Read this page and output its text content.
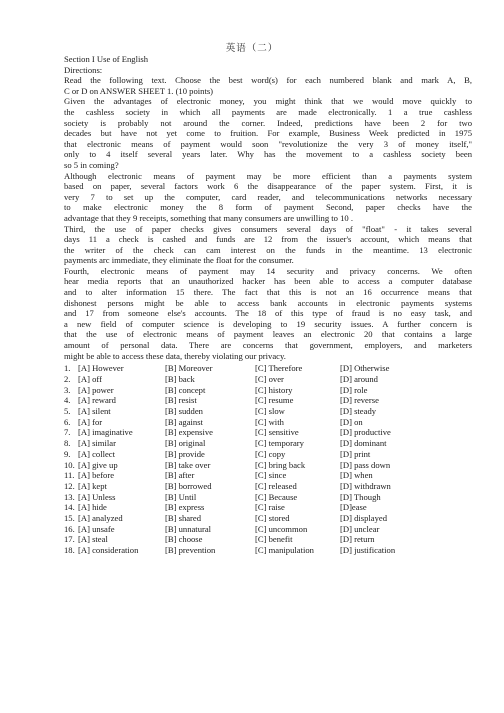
英语（二）
Section I Use of English
Directions:
Read the following text. Choose the best word(s) for each numbered blank and mark A, B,
C or D on ANSWER SHEET 1. (10 points)
Given the advantages of electronic money, you might think that we would move quickly to
the cashless society in which all payments are made electronically. 1 a true cashless
society is probably not around the corner. Indeed, predictions have been 2 for two
decades but have not yet come to fruition. For example, Business Week predicted in 1975
that electronic means of payment would soon "revolutionize the very 3 of money itself,"
only to 4 itself several years later. Why has the movement to a cashless society been
so 5 in coming?
Although electronic means of payment may be more efficient than a payments system
based on paper, several factors work 6 the disappearance of the paper system. First, it is
very 7 to set up the computer, card reader, and telecommunications networks necessary
to make electronic money the 8 form of payment Second, paper checks have the
advantage that they 9 receipts, something that many consumers are unwilling to 10 .
Third, the use of paper checks gives consumers several days of "float" - it takes several
days 11 a check is cashed and funds are 12 from the issuer's account, which means that
the writer of the check can cam interest on the funds in the meantime. 13 electronic
payments arc immediate, they eliminate the float for the consumer.
Fourth, electronic means of payment may 14 security and privacy concerns. We often
hear media reports that an unauthorized hacker has been able to access a computer database
and to alter information 15 there. The fact that this is not an 16 occurrence means that
dishonest persons might be able to access bank accounts in electronic payments systems
and 17 from someone else's accounts. The 18 of this type of fraud is no easy task, and
a new field of computer science is developing to 19 security issues. A further concern is
that the use of electronic means of payment leaves an electronic 20 that contains a large
amount of personal data. There are concerns that government, employers, and marketers
might be able to access these data, thereby violating our privacy.
1. [A] However	[B] Moreover	[C] Therefore	[D] Otherwise
2. [A] off	[B] back	[C] over	[D] around
3. [A] power	[B] concept	[C] history	[D] role
4. [A] reward	[B] resist	[C] resume	[D] reverse
5. [A] silent	[B] sudden	[C] slow	[D] steady
6. [A] for	[B] against	[C] with	[D] on
7. [A] imaginative	[B] expensive	[C] sensitive	[D] productive
8. [A] similar	[B] original	[C] temporary	[D] dominant
9. [A] collect	[B] provide	[C] copy	[D] print
10. [A] give up	[B] take over	[C] bring back	[D] pass down
11. [A] before	[B] after	[C] since	[D] when
12. [A] kept	[B] borrowed	[C] released	[D] withdrawn
13. [A] Unless	[B] Until	[C] Because	[D] Though
14. [A] hide	[B] express	[C] raise	[D]ease
15. [A] analyzed	[B] shared	[C] stored	[D] displayed
16. [A] unsafe	[B] unnatural	[C] uncommon	[D] unclear
17. [A] steal	[B] choose	[C] benefit	[D] return
18. [A] consideration	[B] prevention	[C] manipulation	[D] justification
